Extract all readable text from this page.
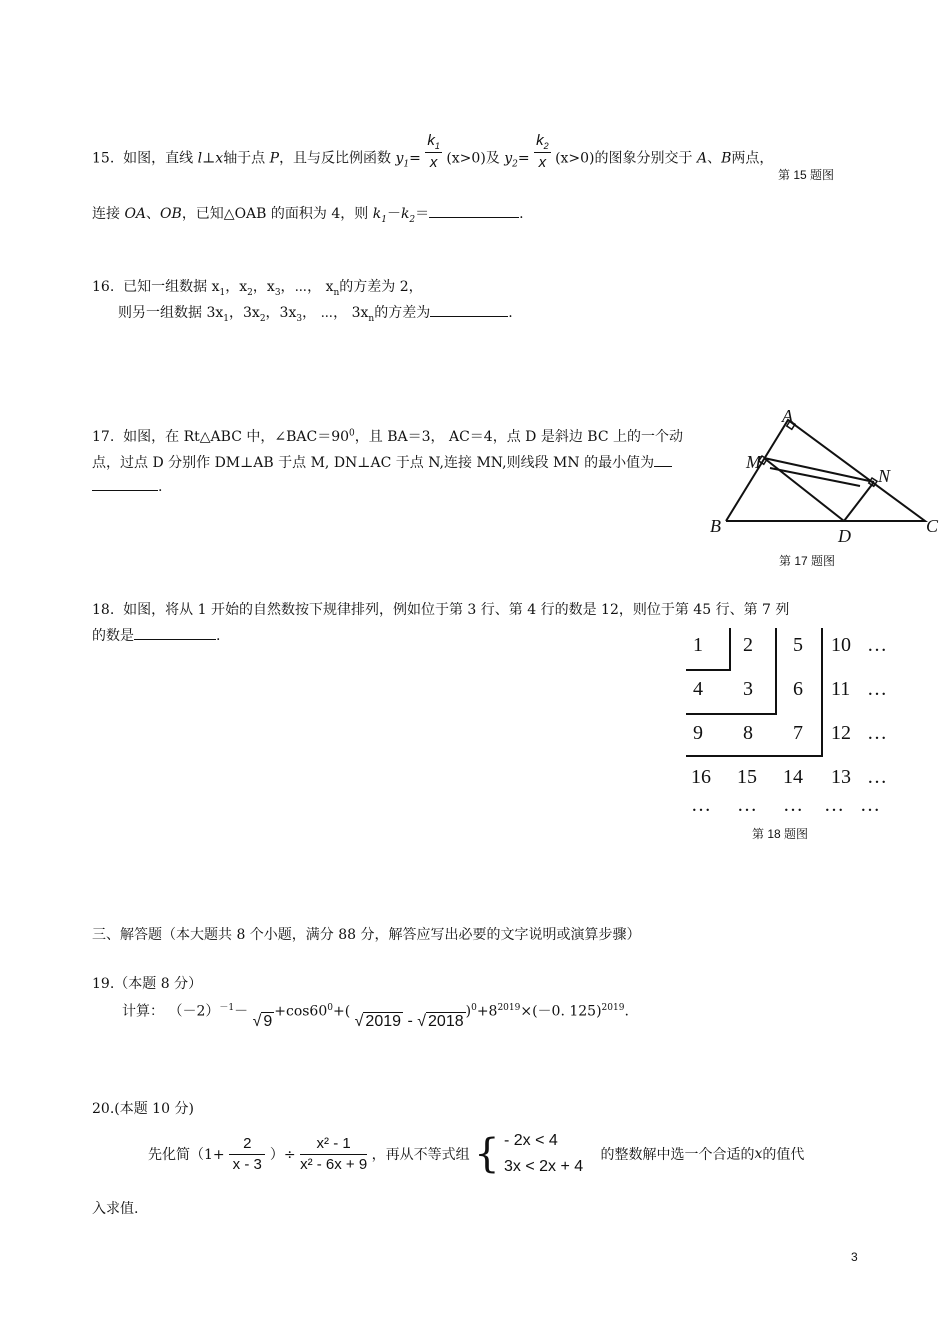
15. 如图，直线 l⊥x轴于点 P，且与反比例函数 $y_1= \frac{k_1}{x} (x>0)$及 $y_2= \frac{k_2}{x} (x>0)$的图象分别交于 A、B两点，
第 15 题图
连接 OA、OB，已知△OAB 的面积为 4，则 $k_1-k_2=$	.
16. 已知一组数据 $x_1$，$x_2$，$x_3$，⋯， $x_n$的方差为 2，
则另一组数据 $3x_1$，$3x_2$，$3x_3$， ⋯， $3x_n$的方差为	.
17. 如图，在 Rt△ABC 中，$\angle BAC=90^0$，且 BA＝3， AC＝4，点 D 是斜边 BC 上的一个动
点，过点 D 分别作 DM⊥AB 于点 M, DN⊥AC 于点 N,连接 MN,则线段 MN 的最小值为
.
A
B	C
D
M
N
第 17 题图
18. 如图，将从 1 开始的自然数按下规律排列，例如位于第 3 行、第 4 行的数是 12，则位于第 45 行、第 7 列
的数是	.	1 2 5 10 …
4 3 6 11 …
9 8 7 12 …
16 15 14 13 …
… … … … …
第 18 题图
三、解答题（本大题共 8 个小题，满分 88 分，解答应写出必要的文字说明或演算步骤）
19.（本题 8 分）
计算： $(-2)^{-1}-$ √ $9+\cos 60^0+$( √ 2019 - √ $2018)^0+8^{2019}\times(-0$. 125)$^{2019}$.
20.(本题 10 分)
先化简（$1+ \frac{2}{x - 3}$ ）÷ $\frac{\text{x² - 1}}{\text{x² - 6x + 9}}$ ，再从不等式组 { - 2x < 4
3x < 2x + 4
的整数解中选一个合适的x的值代
入求值.
3
